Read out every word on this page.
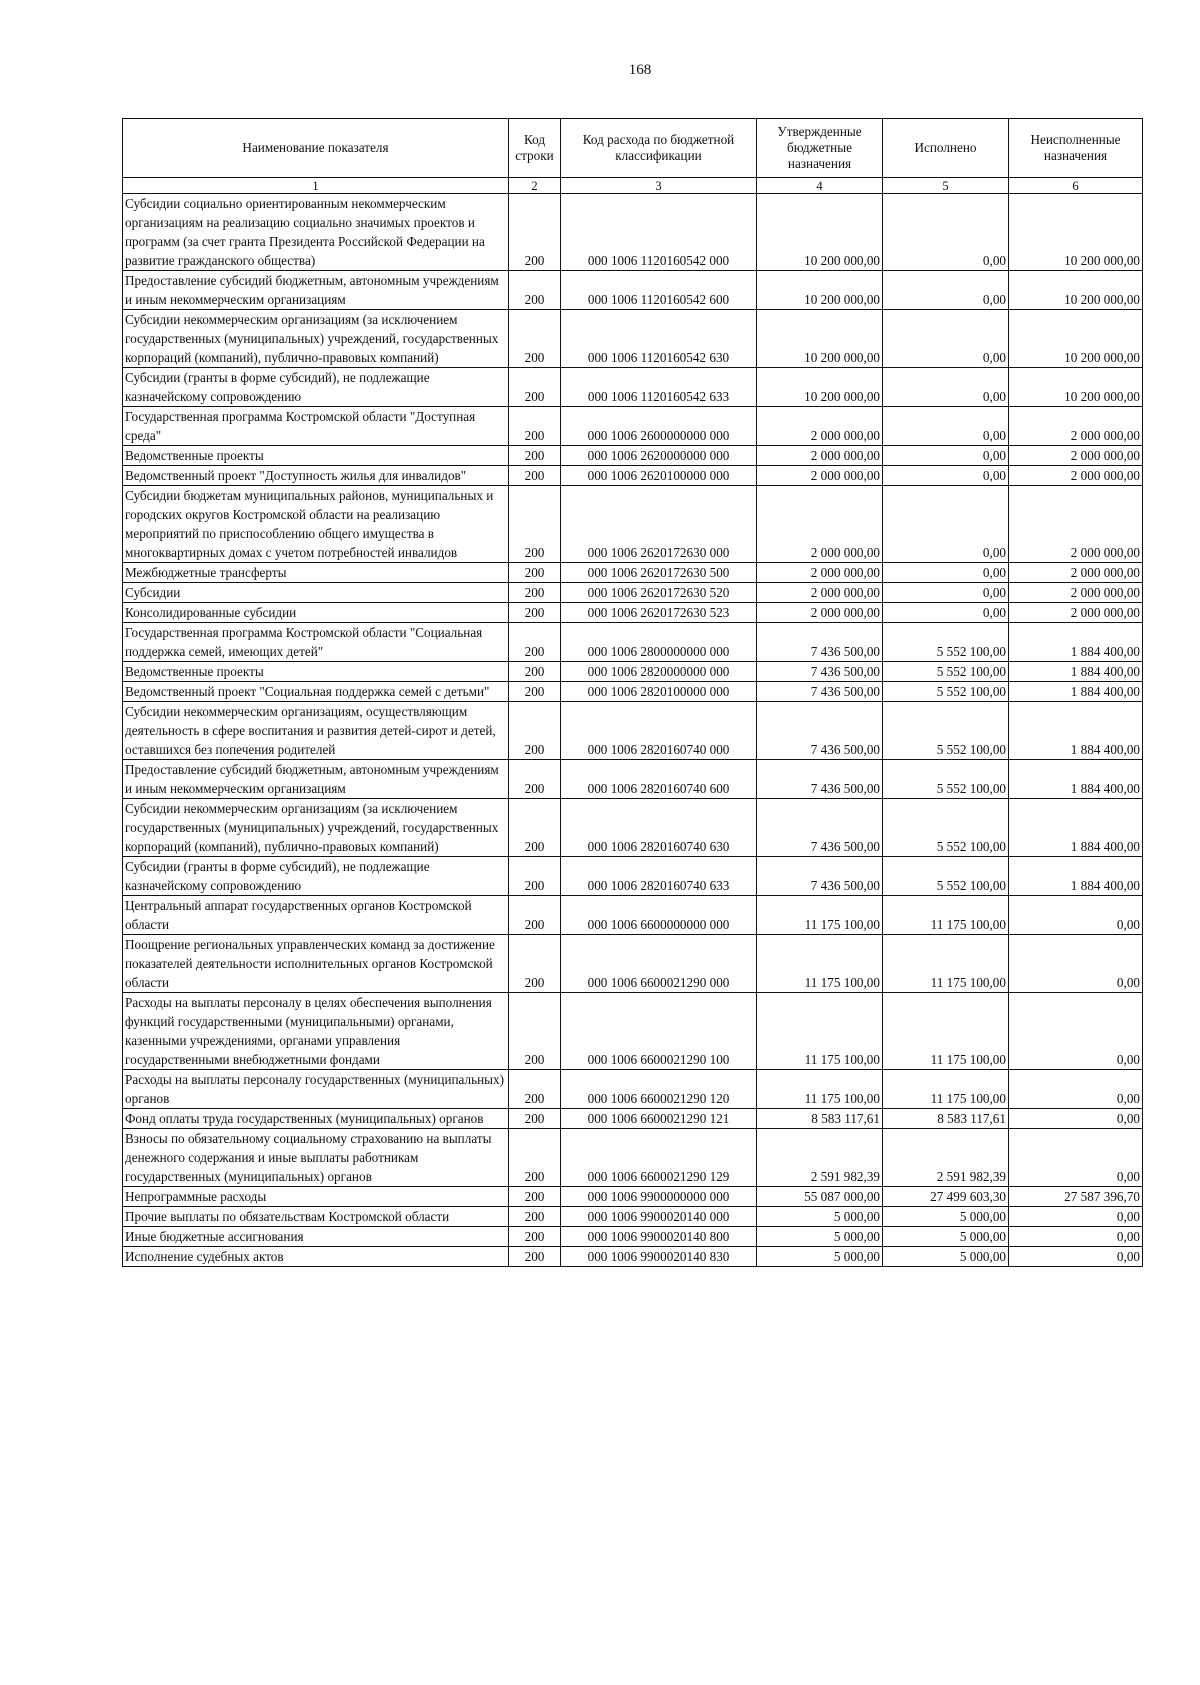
168
Наименование показателя	Код строки	Код расхода по бюджетной классификации	Утвержденные бюджетные назначения	Исполнено	Неисполненные назначения
1	2	3	4	5	6
Субсидии социально ориентированным некоммерческим организациям на реализацию социально значимых проектов и программ (за счет гранта Президента Российской Федерации на развитие гражданского общества)	200	000 1006 1120160542 000	10 200 000,00	0,00	10 200 000,00
Предоставление субсидий бюджетным, автономным учреждениям и иным некоммерческим организациям	200	000 1006 1120160542 600	10 200 000,00	0,00	10 200 000,00
Субсидии некоммерческим организациям (за исключением государственных (муниципальных) учреждений, государственных корпораций (компаний), публично-правовых компаний)	200	000 1006 1120160542 630	10 200 000,00	0,00	10 200 000,00
Субсидии (гранты в форме субсидий), не подлежащие казначейскому сопровождению	200	000 1006 1120160542 633	10 200 000,00	0,00	10 200 000,00
Государственная программа Костромской области "Доступная среда"	200	000 1006 2600000000 000	2 000 000,00	0,00	2 000 000,00
Ведомственные проекты	200	000 1006 2620000000 000	2 000 000,00	0,00	2 000 000,00
Ведомственный проект "Доступность жилья для инвалидов"	200	000 1006 2620100000 000	2 000 000,00	0,00	2 000 000,00
Субсидии бюджетам муниципальных районов, муниципальных и городских округов Костромской области на реализацию мероприятий по приспособлению общего имущества в многоквартирных домах с учетом потребностей инвалидов	200	000 1006 2620172630 000	2 000 000,00	0,00	2 000 000,00
Межбюджетные трансферты	200	000 1006 2620172630 500	2 000 000,00	0,00	2 000 000,00
Субсидии	200	000 1006 2620172630 520	2 000 000,00	0,00	2 000 000,00
Консолидированные субсидии	200	000 1006 2620172630 523	2 000 000,00	0,00	2 000 000,00
Государственная программа Костромской области "Социальная поддержка семей, имеющих детей"	200	000 1006 2800000000 000	7 436 500,00	5 552 100,00	1 884 400,00
Ведомственные проекты	200	000 1006 2820000000 000	7 436 500,00	5 552 100,00	1 884 400,00
Ведомственный проект "Социальная поддержка семей с детьми"	200	000 1006 2820100000 000	7 436 500,00	5 552 100,00	1 884 400,00
Субсидии некоммерческим организациям, осуществляющим деятельность в сфере воспитания и развития детей-сирот и детей, оставшихся без попечения родителей	200	000 1006 2820160740 000	7 436 500,00	5 552 100,00	1 884 400,00
Предоставление субсидий бюджетным, автономным учреждениям и иным некоммерческим организациям	200	000 1006 2820160740 600	7 436 500,00	5 552 100,00	1 884 400,00
Субсидии некоммерческим организациям (за исключением государственных (муниципальных) учреждений, государственных корпораций (компаний), публично-правовых компаний)	200	000 1006 2820160740 630	7 436 500,00	5 552 100,00	1 884 400,00
Субсидии (гранты в форме субсидий), не подлежащие казначейскому сопровождению	200	000 1006 2820160740 633	7 436 500,00	5 552 100,00	1 884 400,00
Центральный аппарат государственных органов Костромской области	200	000 1006 6600000000 000	11 175 100,00	11 175 100,00	0,00
Поощрение региональных управленческих команд за достижение показателей деятельности исполнительных органов Костромской области	200	000 1006 6600021290 000	11 175 100,00	11 175 100,00	0,00
Расходы на выплаты персоналу в целях обеспечения выполнения функций государственными (муниципальными) органами, казенными учреждениями, органами управления государственными внебюджетными фондами	200	000 1006 6600021290 100	11 175 100,00	11 175 100,00	0,00
Расходы на выплаты персоналу государственных (муниципальных) органов	200	000 1006 6600021290 120	11 175 100,00	11 175 100,00	0,00
Фонд оплаты труда государственных (муниципальных) органов	200	000 1006 6600021290 121	8 583 117,61	8 583 117,61	0,00
Взносы по обязательному социальному страхованию на выплаты денежного содержания и иные выплаты работникам государственных (муниципальных) органов	200	000 1006 6600021290 129	2 591 982,39	2 591 982,39	0,00
Непрограммные расходы	200	000 1006 9900000000 000	55 087 000,00	27 499 603,30	27 587 396,70
Прочие выплаты по обязательствам Костромской области	200	000 1006 9900020140 000	5 000,00	5 000,00	0,00
Иные бюджетные ассигнования	200	000 1006 9900020140 800	5 000,00	5 000,00	0,00
Исполнение судебных актов	200	000 1006 9900020140 830	5 000,00	5 000,00	0,00
